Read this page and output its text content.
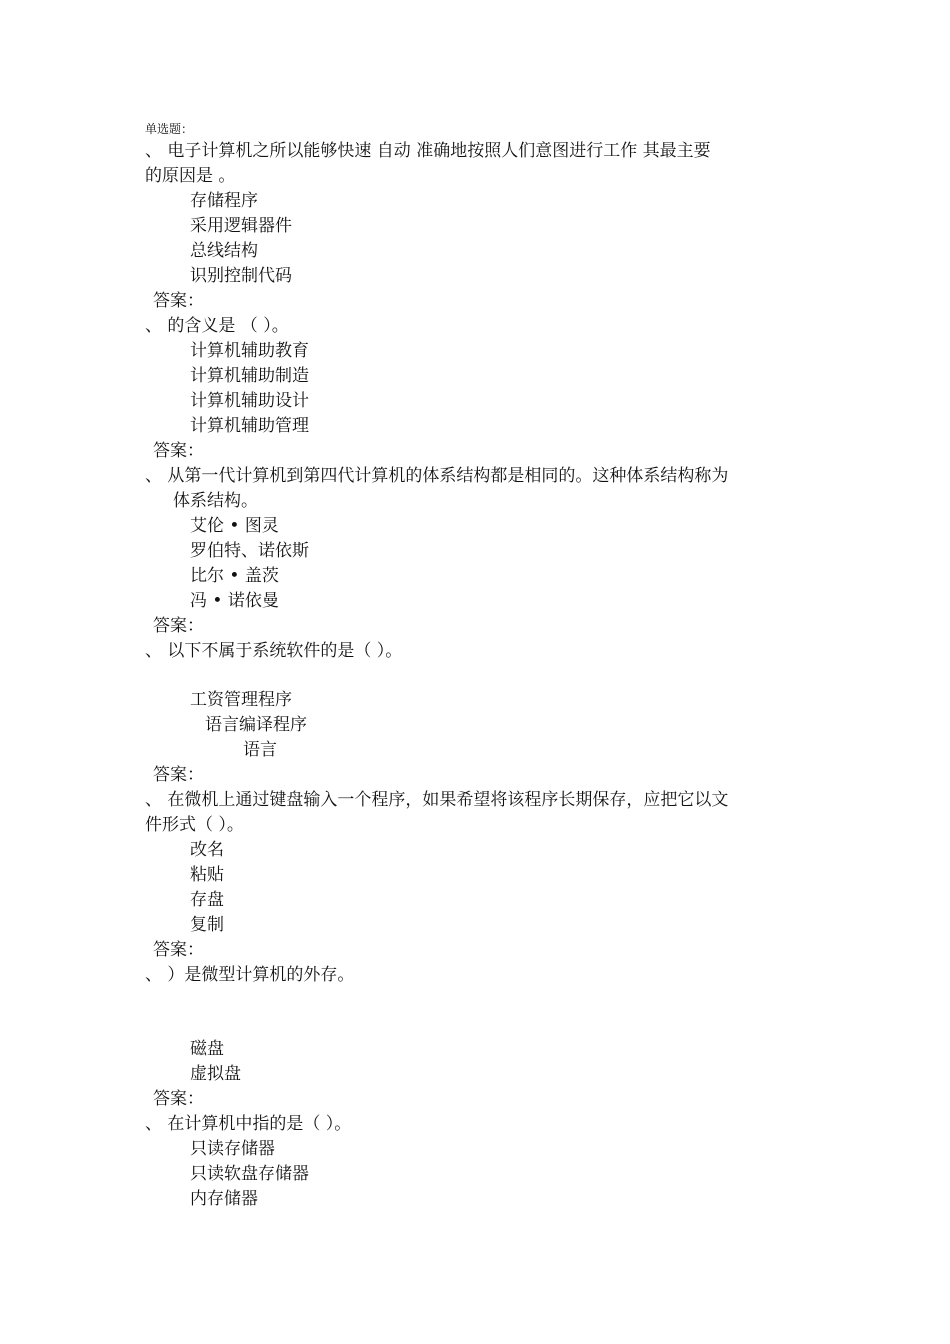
单选题：
、 电子计算机之所以能够快速 自动 准确地按照人们意图进行工作 其最主要
的原因是 。
存储程序
采用逻辑器件
总线结构
识别控制代码
答案：
、 的含义是 （ ）。
计算机辅助教育
计算机辅助制造
计算机辅助设计
计算机辅助管理
答案：
、 从第一代计算机到第四代计算机的体系结构都是相同的。这种体系结构称为
体系结构。
艾伦 • 图灵
罗伯特、诺依斯
比尔 • 盖茨
冯 • 诺依曼
答案：
、 以下不属于系统软件的是（ ）。
工资管理程序
语言编译程序
语言
答案：
、 在微机上通过键盘输入一个程序，如果希望将该程序长期保存，应把它以文
件形式（ ）。
改名
粘贴
存盘
复制
答案：
、 ）是微型计算机的外存。
磁盘
虚拟盘
答案：
、 在计算机中指的是（ ）。
只读存储器
只读软盘存储器
内存储器
